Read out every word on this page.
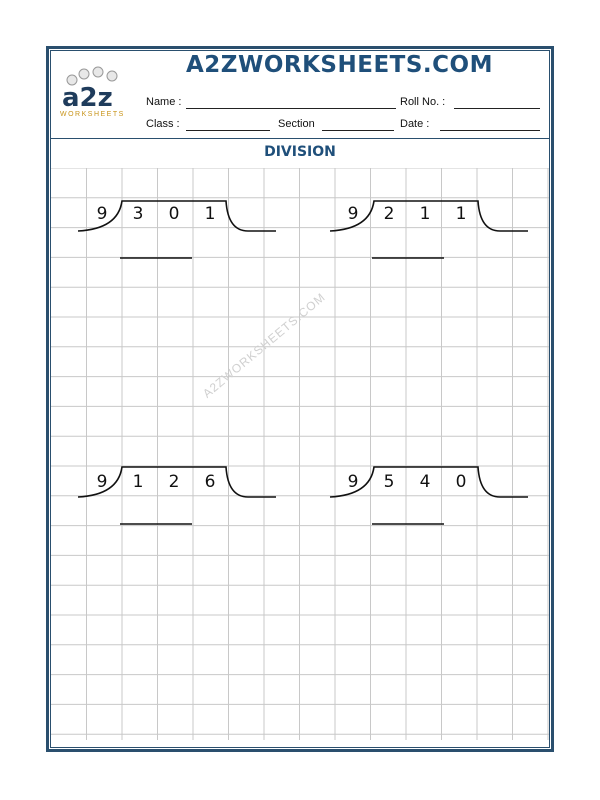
a2z
WORKSHEETS
A2ZWORKSHEETS.COM
Name :	Roll No. :
Class :	Section	Date :
DIVISION
A2ZWORKSHEETS.COM
9	3	0	1	9	2	1	1
9	1	2	6	9	5	4	0
